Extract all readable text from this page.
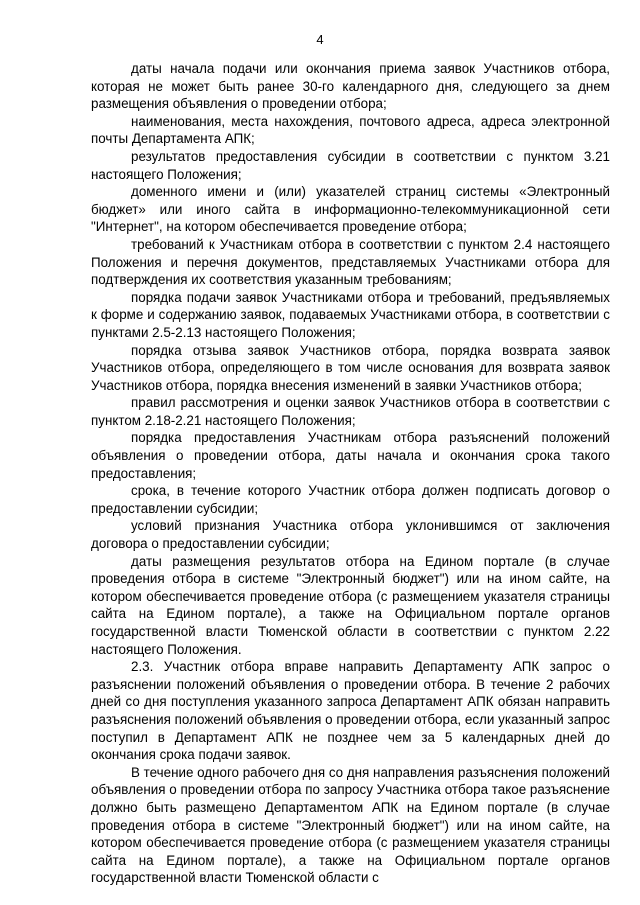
4

даты начала подачи или окончания приема заявок Участников отбора, которая не может быть ранее 30-го календарного дня, следующего за днем размещения объявления о проведении отбора;

наименования, места нахождения, почтового адреса, адреса электронной почты Департамента АПК;

результатов предоставления субсидии в соответствии с пунктом 3.21 настоящего Положения;

доменного имени и (или) указателей страниц системы «Электронный бюджет» или иного сайта в информационно-телекоммуникационной сети "Интернет", на котором обеспечивается проведение отбора;

требований к Участникам отбора в соответствии с пунктом 2.4 настоящего Положения и перечня документов, представляемых Участниками отбора для подтверждения их соответствия указанным требованиям;

порядка подачи заявок Участниками отбора и требований, предъявляемых к форме и содержанию заявок, подаваемых Участниками отбора, в соответствии с пунктами 2.5-2.13 настоящего Положения;

порядка отзыва заявок Участников отбора, порядка возврата заявок Участников отбора, определяющего в том числе основания для возврата заявок Участников отбора, порядка внесения изменений в заявки Участников отбора;

правил рассмотрения и оценки заявок Участников отбора в соответствии с пунктом 2.18-2.21 настоящего Положения;

порядка предоставления Участникам отбора разъяснений положений объявления о проведении отбора, даты начала и окончания срока такого предоставления;

срока, в течение которого Участник отбора должен подписать договор о предоставлении субсидии;

условий признания Участника отбора уклонившимся от заключения договора о предоставлении субсидии;

даты размещения результатов отбора на Едином портале (в случае проведения отбора в системе "Электронный бюджет") или на ином сайте, на котором обеспечивается проведение отбора (с размещением указателя страницы сайта на Едином портале), а также на Официальном портале органов государственной власти Тюменской области в соответствии с пунктом 2.22 настоящего Положения.

2.3. Участник отбора вправе направить Департаменту АПК запрос о разъяснении положений объявления о проведении отбора. В течение 2 рабочих дней со дня поступления указанного запроса Департамент АПК обязан направить разъяснения положений объявления о проведении отбора, если указанный запрос поступил в Департамент АПК не позднее чем за 5 календарных дней до окончания срока подачи заявок.

В течение одного рабочего дня со дня направления разъяснения положений объявления о проведении отбора по запросу Участника отбора такое разъяснение должно быть размещено Департаментом АПК на Едином портале (в случае проведения отбора в системе "Электронный бюджет") или на ином сайте, на котором обеспечивается проведение отбора (с размещением указателя страницы сайта на Едином портале), а также на Официальном портале органов государственной власти Тюменской области с
